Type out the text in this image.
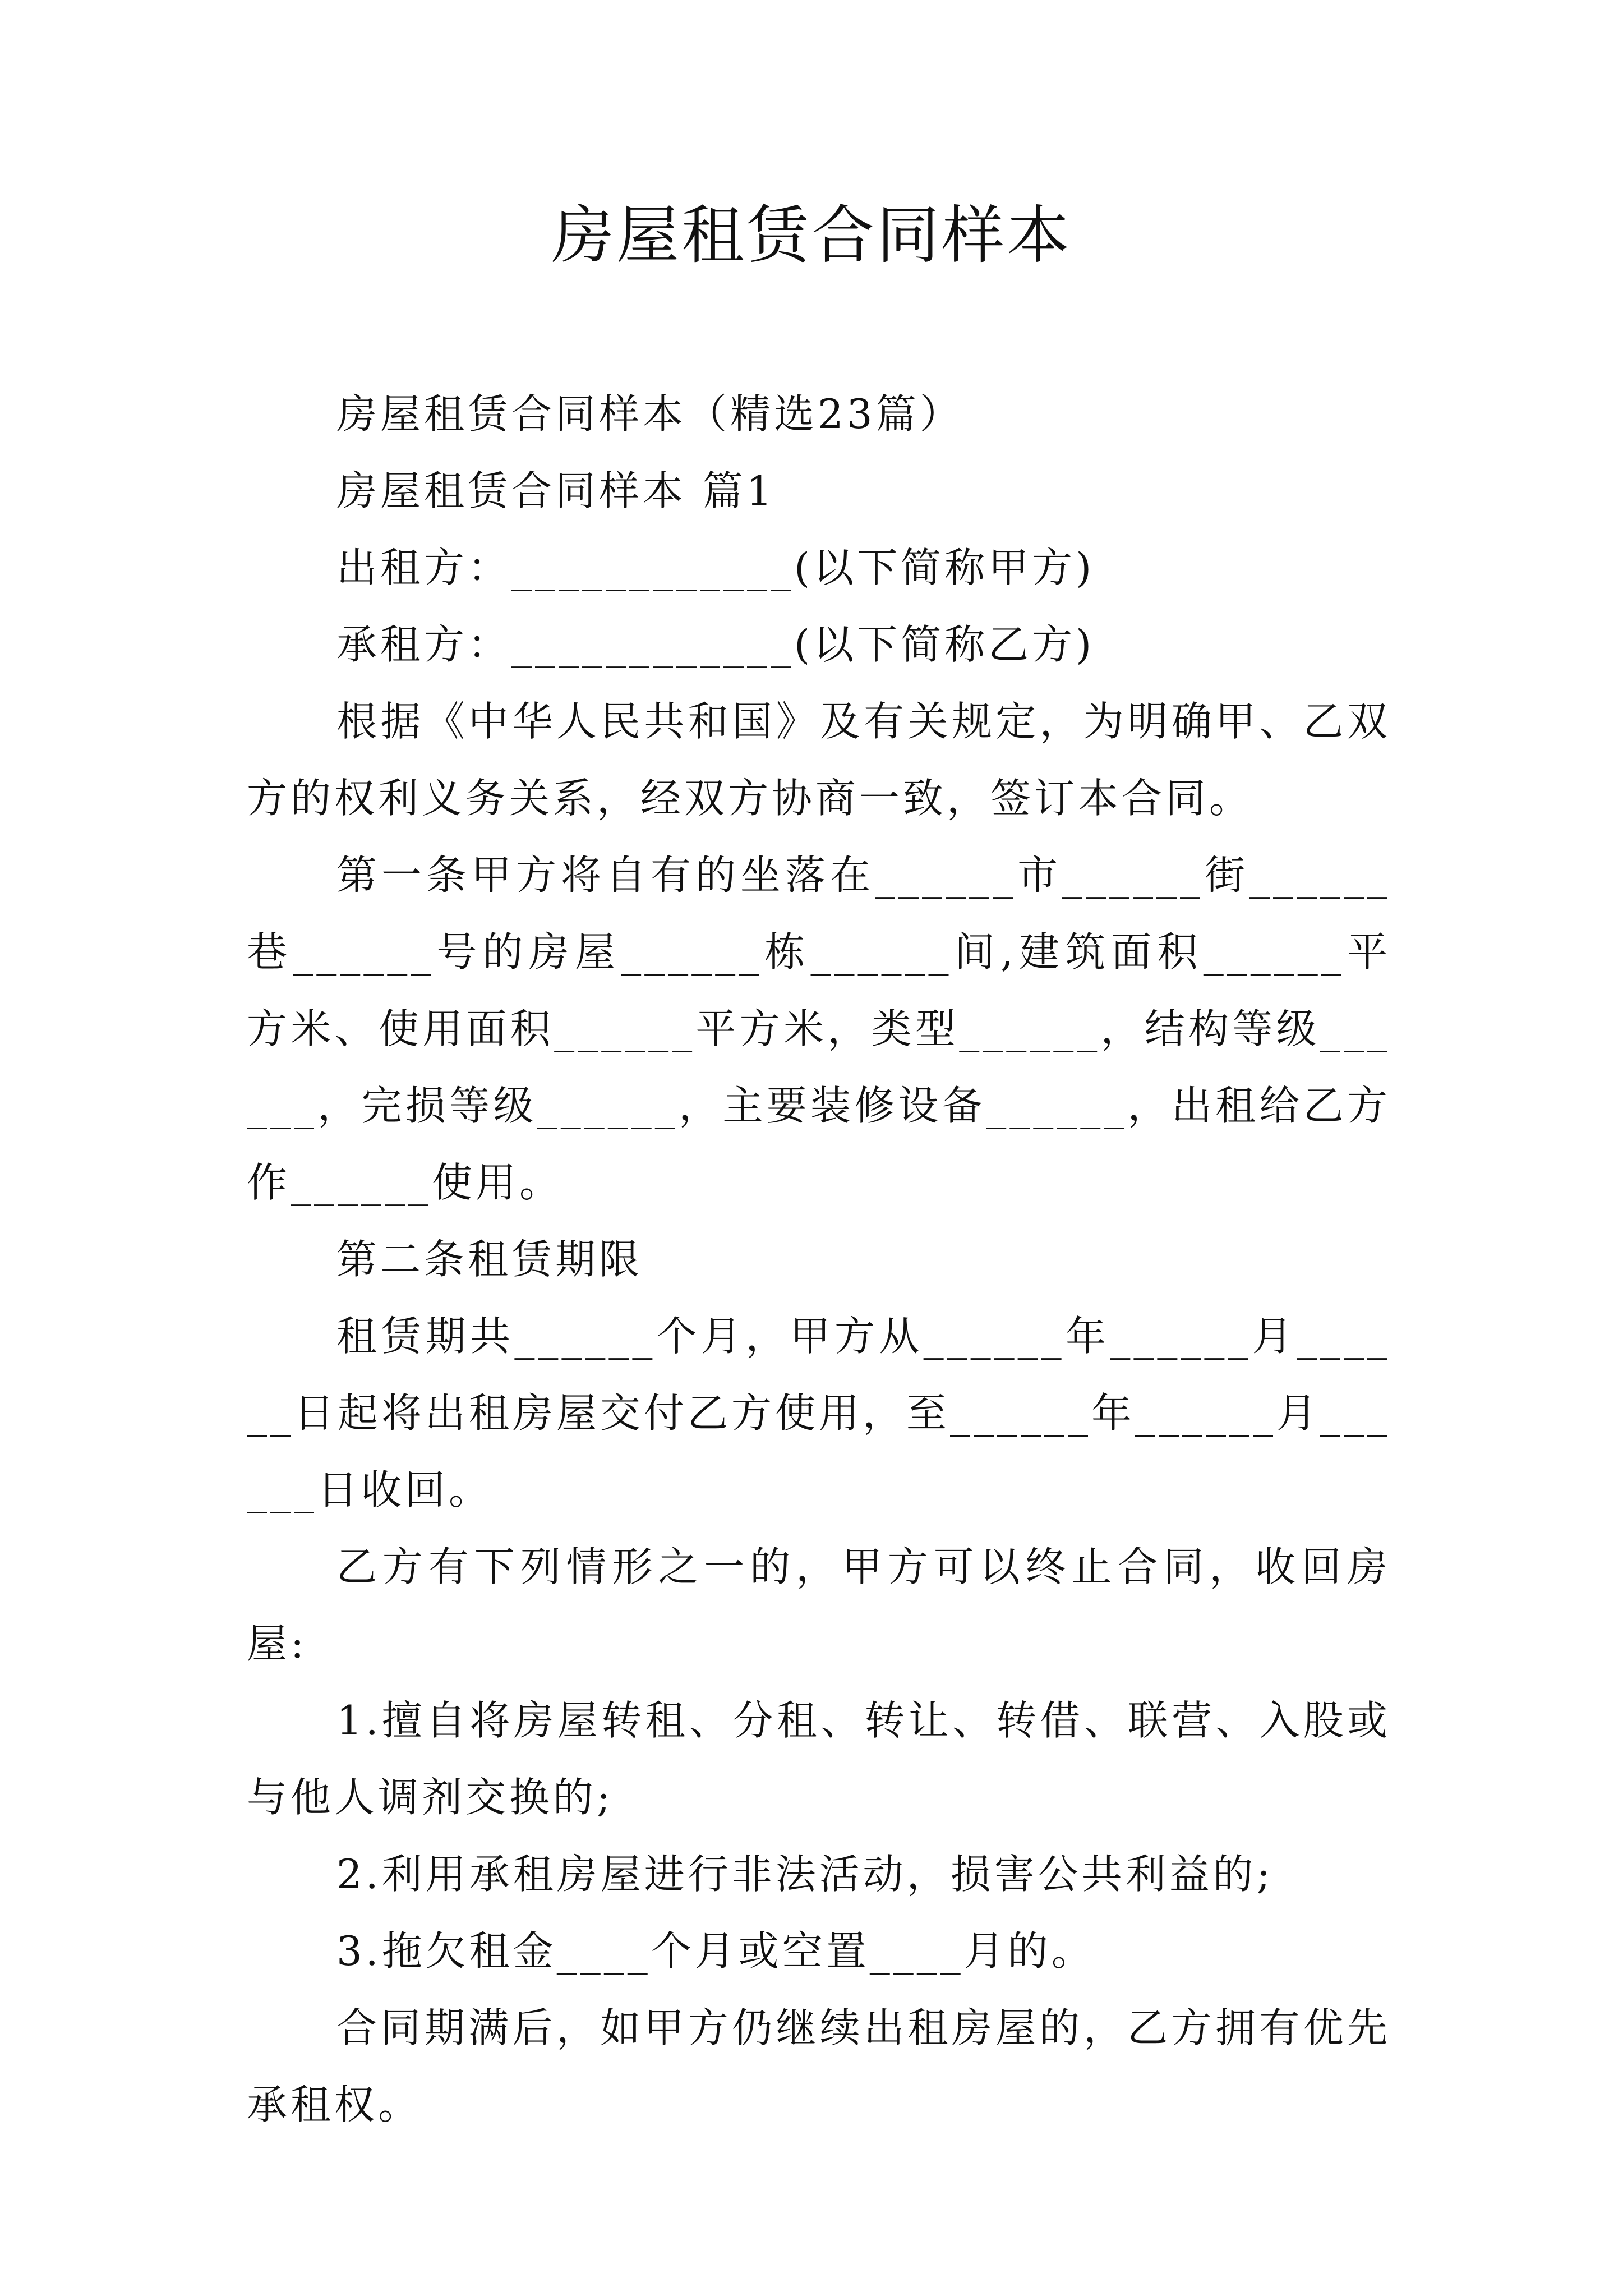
房屋租赁合同样本

房屋租赁合同样本（精选23篇）

房屋租赁合同样本 篇1

出租方：____________(以下简称甲方)

承租方：____________(以下简称乙方)

根据《中华人民共和国》及有关规定，为明确甲、乙双方的权利义务关系，经双方协商一致，签订本合同。

第一条甲方将自有的坐落在______市______街______巷______号的房屋______栋______间,建筑面积______平方米、使用面积______平方米，类型______，结构等级______，完损等级______，主要装修设备______，出租给乙方作______使用。

第二条租赁期限

租赁期共______个月，甲方从______年______月______日起将出租房屋交付乙方使用，至______年______月______日收回。

乙方有下列情形之一的，甲方可以终止合同，收回房屋:

1.擅自将房屋转租、分租、转让、转借、联营、入股或与他人调剂交换的;

2.利用承租房屋进行非法活动，损害公共利益的;

3.拖欠租金____个月或空置____月的。

合同期满后，如甲方仍继续出租房屋的，乙方拥有优先承租权。
